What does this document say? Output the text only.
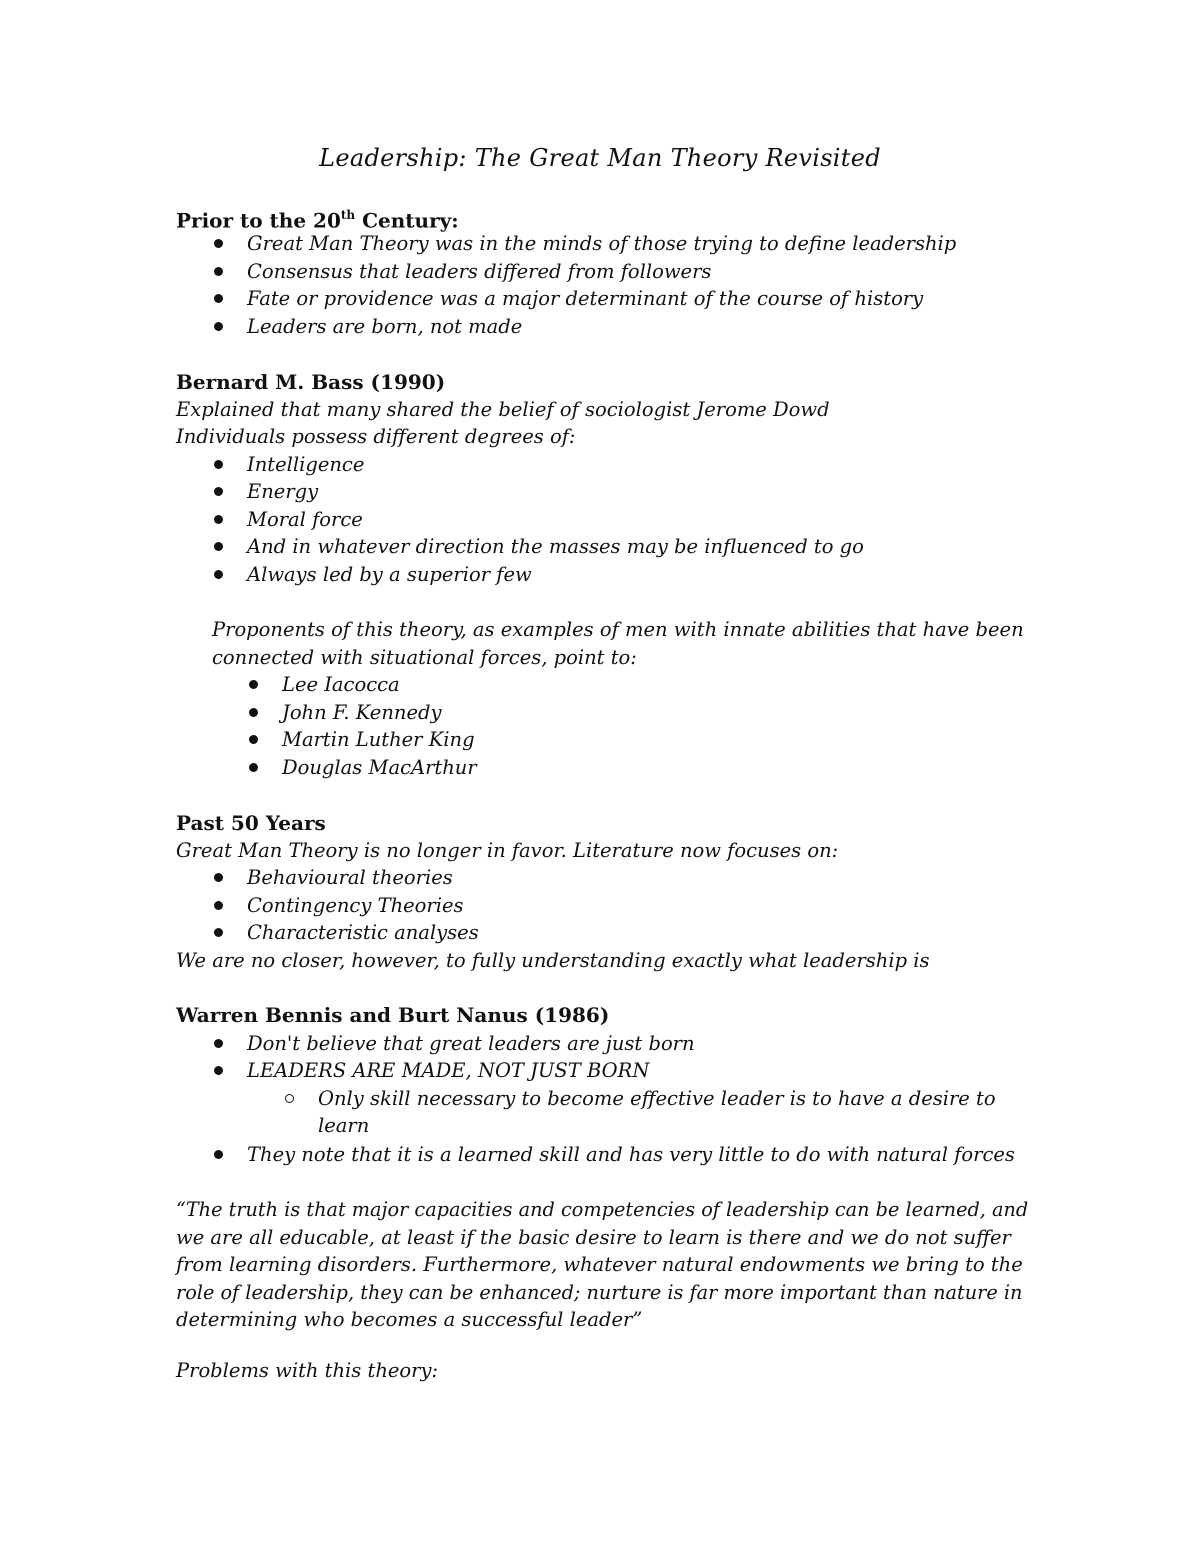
Leadership: The Great Man Theory Revisited
Prior to the 20th Century:
Great Man Theory was in the minds of those trying to define leadership
Consensus that leaders differed from followers
Fate or providence was a major determinant of the course of history
Leaders are born, not made
Bernard M. Bass (1990)
Explained that many shared the belief of sociologist Jerome Dowd
Individuals possess different degrees of:
Intelligence
Energy
Moral force
And in whatever direction the masses may be influenced to go
Always led by a superior few
Proponents of this theory, as examples of men with innate abilities that have been
connected with situational forces, point to:
Lee Iacocca
John F. Kennedy
Martin Luther King
Douglas MacArthur
Past 50 Years
Great Man Theory is no longer in favor. Literature now focuses on:
Behavioural theories
Contingency Theories
Characteristic analyses
We are no closer, however, to fully understanding exactly what leadership is
Warren Bennis and Burt Nanus (1986)
Don't believe that great leaders are just born
LEADERS ARE MADE, NOT JUST BORN
Only skill necessary to become effective leader is to have a desire to
learn
They note that it is a learned skill and has very little to do with natural forces
“The truth is that major capacities and competencies of leadership can be learned, and
we are all educable, at least if the basic desire to learn is there and we do not suffer
from learning disorders. Furthermore, whatever natural endowments we bring to the
role of leadership, they can be enhanced; nurture is far more important than nature in
determining who becomes a successful leader”
Problems with this theory:
